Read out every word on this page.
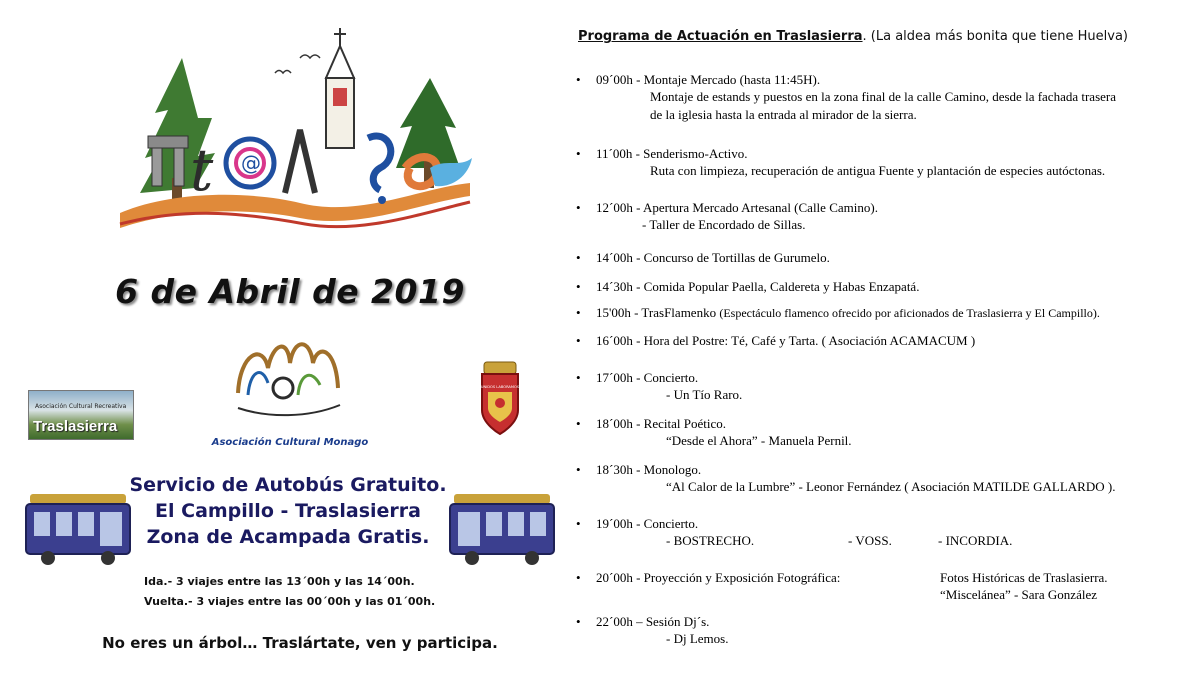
t @
6 de Abril de 2019
Asociación Cultural Recreativa
Traslasierra
Asociación Cultural Monago
UNIDOS LABORAMOS
Servicio de Autobús Gratuito.
El Campillo - Traslasierra
Zona de Acampada Gratis.
Ida.- 3 viajes entre las 13´00h y las 14´00h.
Vuelta.- 3 viajes entre las 00´00h y las 01´00h.
No eres un árbol… Traslártate, ven y participa.
Programa de Actuación en Traslasierra. (La aldea más bonita que tiene Huelva)
• 09´00h - Montaje Mercado (hasta 11:45H).
Montaje de estands y puestos en la zona final de la calle Camino, desde la fachada trasera
de la iglesia hasta la entrada al mirador de la sierra.
• 11´00h - Senderismo-Activo.
Ruta con limpieza, recuperación de antigua Fuente y plantación de especies autóctonas.
• 12´00h - Apertura Mercado Artesanal (Calle Camino).
- Taller de Encordado de Sillas.
• 14´00h - Concurso de Tortillas de Gurumelo.
• 14´30h - Comida Popular Paella, Caldereta y Habas Enzapatá.
• 15'00h - TrasFlamenko (Espectáculo flamenco ofrecido por aficionados de Traslasierra y El Campillo).
• 16´00h - Hora del Postre: Té, Café y Tarta. ( Asociación ACAMACUM )
• 17´00h - Concierto.
- Un Tío Raro.
• 18´00h - Recital Poético.
“Desde el Ahora” - Manuela Pernil.
• 18´30h - Monologo.
“Al Calor de la Lumbre” - Leonor Fernández ( Asociación MATILDE GALLARDO ).
• 19´00h - Concierto.
- BOSTRECHO.	- VOSS.	- INCORDIA.
• 20´00h - Proyección y Exposición Fotográfica:	Fotos Históricas de Traslasierra.
“Miscelánea” - Sara González
• 22´00h – Sesión Dj´s.
- Dj Lemos.
